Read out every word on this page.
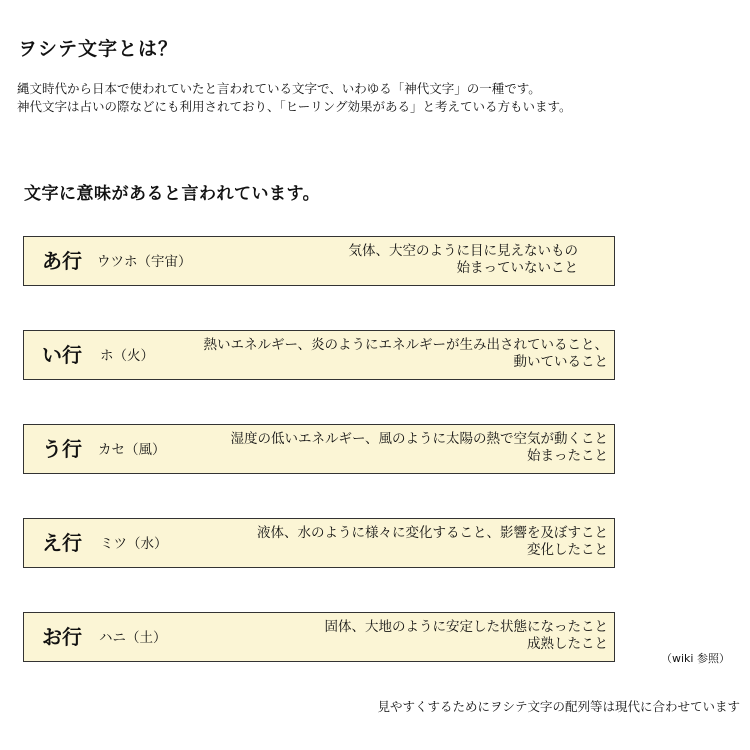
ヲシテ文字とは？
縄文時代から日本で使われていたと言われている文字で、いわゆる「神代文字」の一種です。
神代文字は占いの際などにも利用されており、「ヒーリング効果がある」と考えている方もいます。
文字に意味があると言われています。
あ行 ウツホ（宇宙）
気体、大空のように目に見えないもの
始まっていないこと
い行 ホ（火）
熱いエネルギー、炎のようにエネルギーが生み出されていること、
動いていること
う行 カセ（風）
湿度の低いエネルギー、風のように太陽の熱で空気が動くこと
始まったこと
え行 ミツ（水）
液体、水のように様々に変化すること、影響を及ぼすこと
変化したこと
お行 ハニ（土）
固体、大地のように安定した状態になったこと
成熟したこと
（wiki 参照）
見やすくするためにヲシテ文字の配列等は現代に合わせています
